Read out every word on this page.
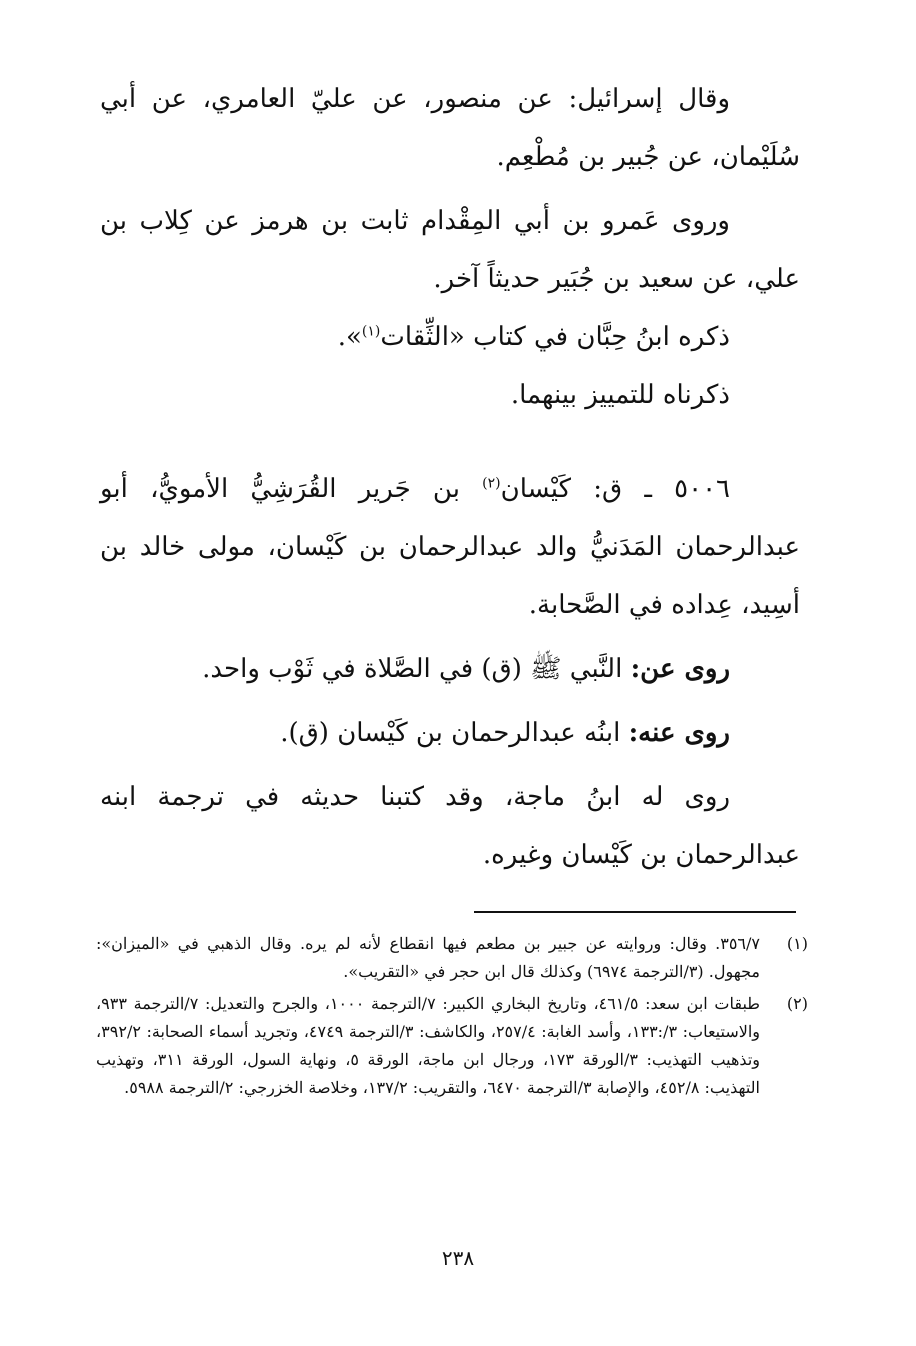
وقال إسرائيل: عن منصور، عن عليّ العامري، عن أبي سُلَيْمان، عن جُبير بن مُطْعِم.

وروى عَمرو بن أبي المِقْدام ثابت بن هرمز عن كِلاب بن علي، عن سعيد بن جُبَير حديثاً آخر.

ذكره ابنُ حِبَّان في كتاب «الثِّقات$^{(١)}$».

ذكرناه للتمييز بينهما.

٥٠٠٦ ـ ق: كَيْسان$^{(٢)}$ بن جَرير القُرَشِيُّ الأمويُّ، أبو عبدالرحمان المَدَنيُّ والد عبدالرحمان بن كَيْسان، مولى خالد بن أسِيد، عِداده في الصَّحابة.

روى عن: النَّبي ﷺ (ق) في الصَّلاة في ثَوْب واحد.

روى عنه: ابنُه عبدالرحمان بن كَيْسان (ق).

روى له ابنُ ماجة، وقد كتبنا حديثه في ترجمة ابنه عبدالرحمان بن كَيْسان وغيره.

(١)
٣٥٦/٧. وقال: وروايته عن جبير بن مطعم فيها انقطاع لأنه لم يره. وقال الذهبي في «الميزان»: مجهول. (٣/الترجمة ٦٩٧٤) وكذلك قال ابن حجر في «التقريب».
(٢)
طبقات ابن سعد: ٤٦١/٥، وتاريخ البخاري الكبير: ٧/الترجمة ١٠٠٠، والجرح والتعديل: ٧/الترجمة ٩٣٣، والاستيعاب: ٣/:١٣٣، وأسد الغابة: ٢٥٧/٤، والكاشف: ٣/الترجمة ٤٧٤٩، وتجريد أسماء الصحابة: ٣٩٢/٢، وتذهيب التهذيب: ٣/الورقة ١٧٣، ورجال ابن ماجة، الورقة ٥، ونهاية السول، الورقة ٣١١، وتهذيب التهذيب: ٤٥٢/٨، والإصابة ٣/الترجمة ٦٤٧٠، والتقريب: ١٣٧/٢، وخلاصة الخزرجي: ٢/الترجمة ٥٩٨٨.
٢٣٨
